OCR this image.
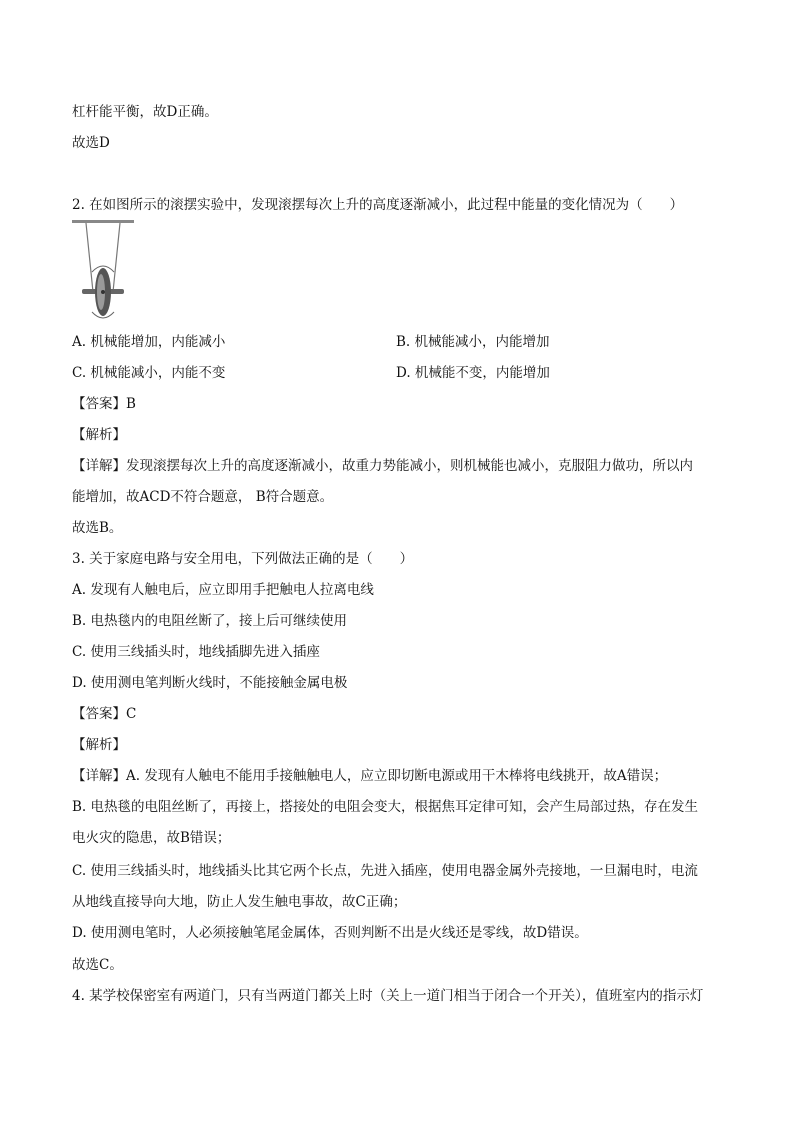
杠杆能平衡，故D正确。
故选D
2. 在如图所示的滚摆实验中，发现滚摆每次上升的高度逐渐减小，此过程中能量的变化情况为（　　）
A. 机械能增加，内能减小	B. 机械能减小，内能增加
C. 机械能减小，内能不变	D. 机械能不变，内能增加
【答案】B
【解析】
【详解】发现滚摆每次上升的高度逐渐减小，故重力势能减小，则机械能也减小，克服阻力做功，所以内
能增加，故ACD不符合题意， B符合题意。
故选B。
3. 关于家庭电路与安全用电，下列做法正确的是（　　）
A. 发现有人触电后，应立即用手把触电人拉离电线
B. 电热毯内的电阻丝断了，接上后可继续使用
C. 使用三线插头时，地线插脚先进入插座
D. 使用测电笔判断火线时，不能接触金属电极
【答案】C
【解析】
【详解】A. 发现有人触电不能用手接触触电人，应立即切断电源或用干木棒将电线挑开，故A错误；
B. 电热毯的电阻丝断了，再接上，搭接处的电阻会变大，根据焦耳定律可知，会产生局部过热，存在发生
电火灾的隐患，故B错误；
C. 使用三线插头时，地线插头比其它两个长点，先进入插座，使用电器金属外壳接地，一旦漏电时，电流
从地线直接导向大地，防止人发生触电事故，故C正确；
D. 使用测电笔时，人必须接触笔尾金属体，否则判断不出是火线还是零线，故D错误。
故选C。
4. 某学校保密室有两道门，只有当两道门都关上时（关上一道门相当于闭合一个开关），值班室内的指示灯
